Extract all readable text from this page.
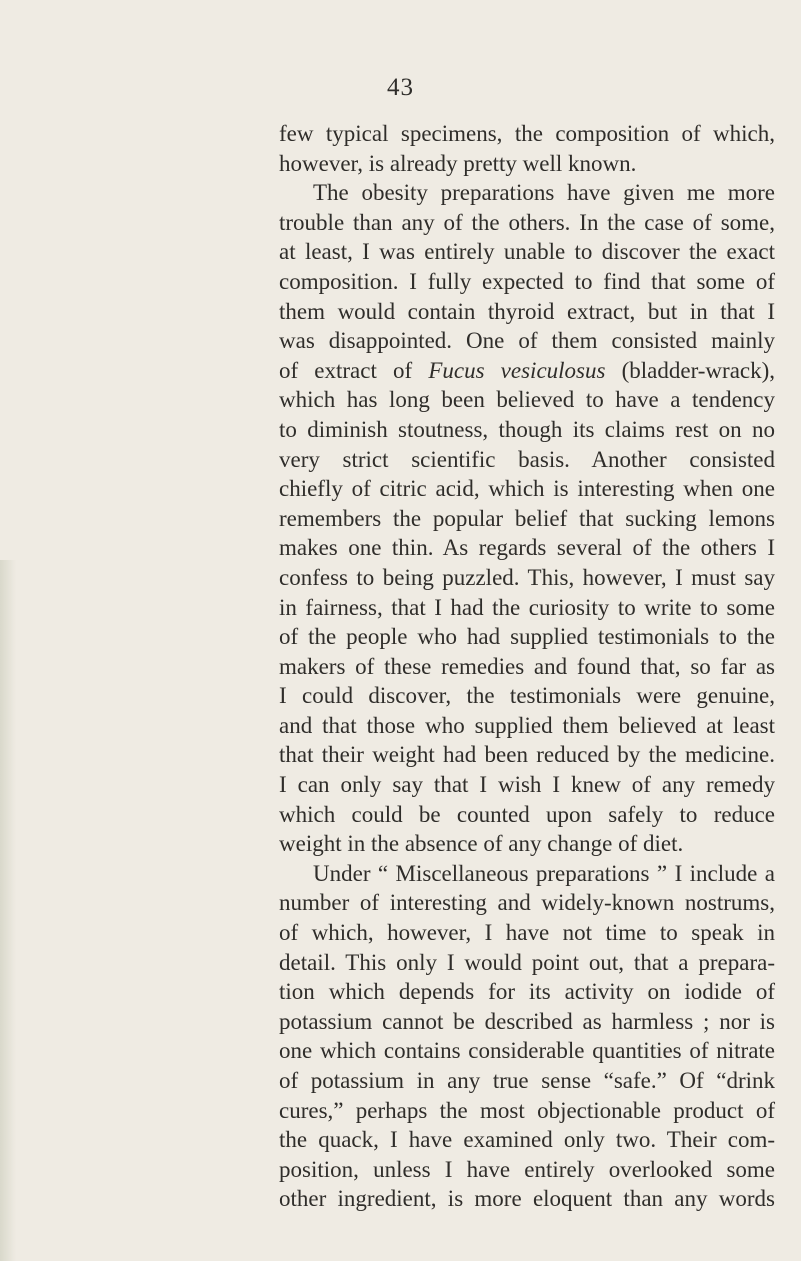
43
few typical specimens, the composition of which,
however, is already pretty well known.
The obesity preparations have given me more
trouble than any of the others. In the case of some,
at least, I was entirely unable to discover the exact
composition. I fully expected to find that some of
them would contain thyroid extract, but in that I
was disappointed. One of them consisted mainly
of extract of Fucus vesiculosus (bladder-wrack),
which has long been believed to have a tendency
to diminish stoutness, though its claims rest on no
very strict scientific basis. Another consisted
chiefly of citric acid, which is interesting when one
remembers the popular belief that sucking lemons
makes one thin. As regards several of the others I
confess to being puzzled. This, however, I must say
in fairness, that I had the curiosity to write to some
of the people who had supplied testimonials to the
makers of these remedies and found that, so far as
I could discover, the testimonials were genuine,
and that those who supplied them believed at least
that their weight had been reduced by the medicine.
I can only say that I wish I knew of any remedy
which could be counted upon safely to reduce
weight in the absence of any change of diet.
Under “ Miscellaneous preparations ” I include a
number of interesting and widely-known nostrums,
of which, however, I have not time to speak in
detail. This only I would point out, that a prepara-
tion which depends for its activity on iodide of
potassium cannot be described as harmless ; nor is
one which contains considerable quantities of nitrate
of potassium in any true sense “safe.” Of “drink
cures,” perhaps the most objectionable product of
the quack, I have examined only two. Their com-
position, unless I have entirely overlooked some
other ingredient, is more eloquent than any words
